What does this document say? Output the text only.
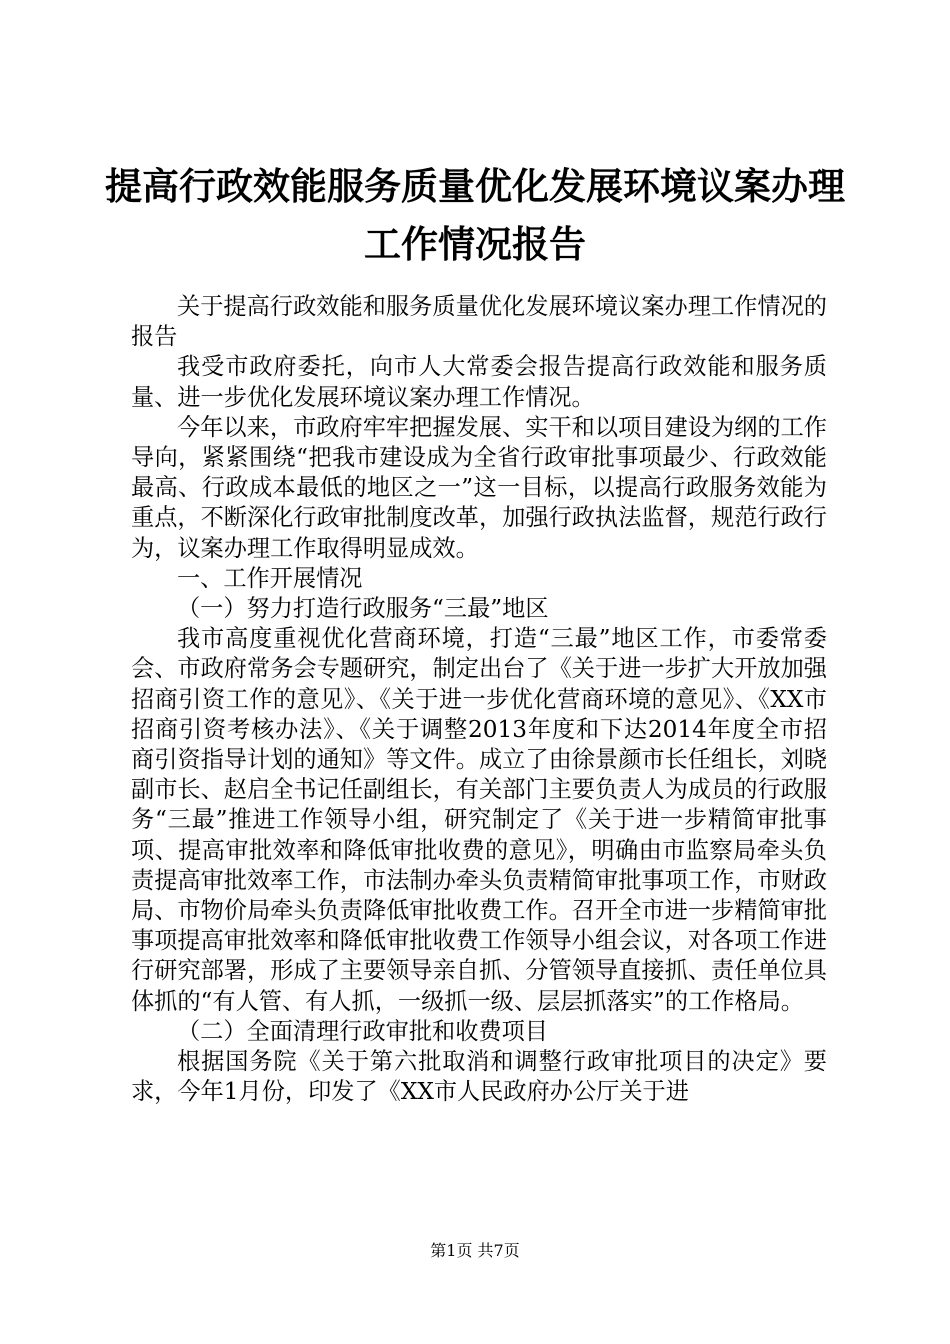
提高行政效能服务质量优化发展环境议案办理
工作情况报告

关于提高行政效能和服务质量优化发展环境议案办理工作情况的报告

我受市政府委托，向市人大常委会报告提高行政效能和服务质量、进一步优化发展环境议案办理工作情况。

今年以来，市政府牢牢把握发展、实干和以项目建设为纲的工作导向，紧紧围绕“把我市建设成为全省行政审批事项最少、行政效能最高、行政成本最低的地区之一”这一目标，以提高行政服务效能为重点，不断深化行政审批制度改革，加强行政执法监督，规范行政行为，议案办理工作取得明显成效。

一、工作开展情况

（一）努力打造行政服务“三最”地区

我市高度重视优化营商环境，打造“三最”地区工作，市委常委会、市政府常务会专题研究，制定出台了《关于进一步扩大开放加强招商引资工作的意见》、《关于进一步优化营商环境的意见》、《XX市招商引资考核办法》、《关于调整2013年度和下达2014年度全市招商引资指导计划的通知》等文件。成立了由徐景颜市长任组长，刘晓副市长、赵启全书记任副组长，有关部门主要负责人为成员的行政服务“三最”推进工作领导小组，研究制定了《关于进一步精简审批事项、提高审批效率和降低审批收费的意见》，明确由市监察局牵头负责提高审批效率工作，市法制办牵头负责精简审批事项工作，市财政局、市物价局牵头负责降低审批收费工作。召开全市进一步精简审批事项提高审批效率和降低审批收费工作领导小组会议，对各项工作进行研究部署，形成了主要领导亲自抓、分管领导直接抓、责任单位具体抓的“有人管、有人抓，一级抓一级、层层抓落实”的工作格局。

（二）全面清理行政审批和收费项目

根据国务院《关于第六批取消和调整行政审批项目的决定》要求，今年1月份，印发了《XX市人民政府办公厅关于进

第1页 共7页
